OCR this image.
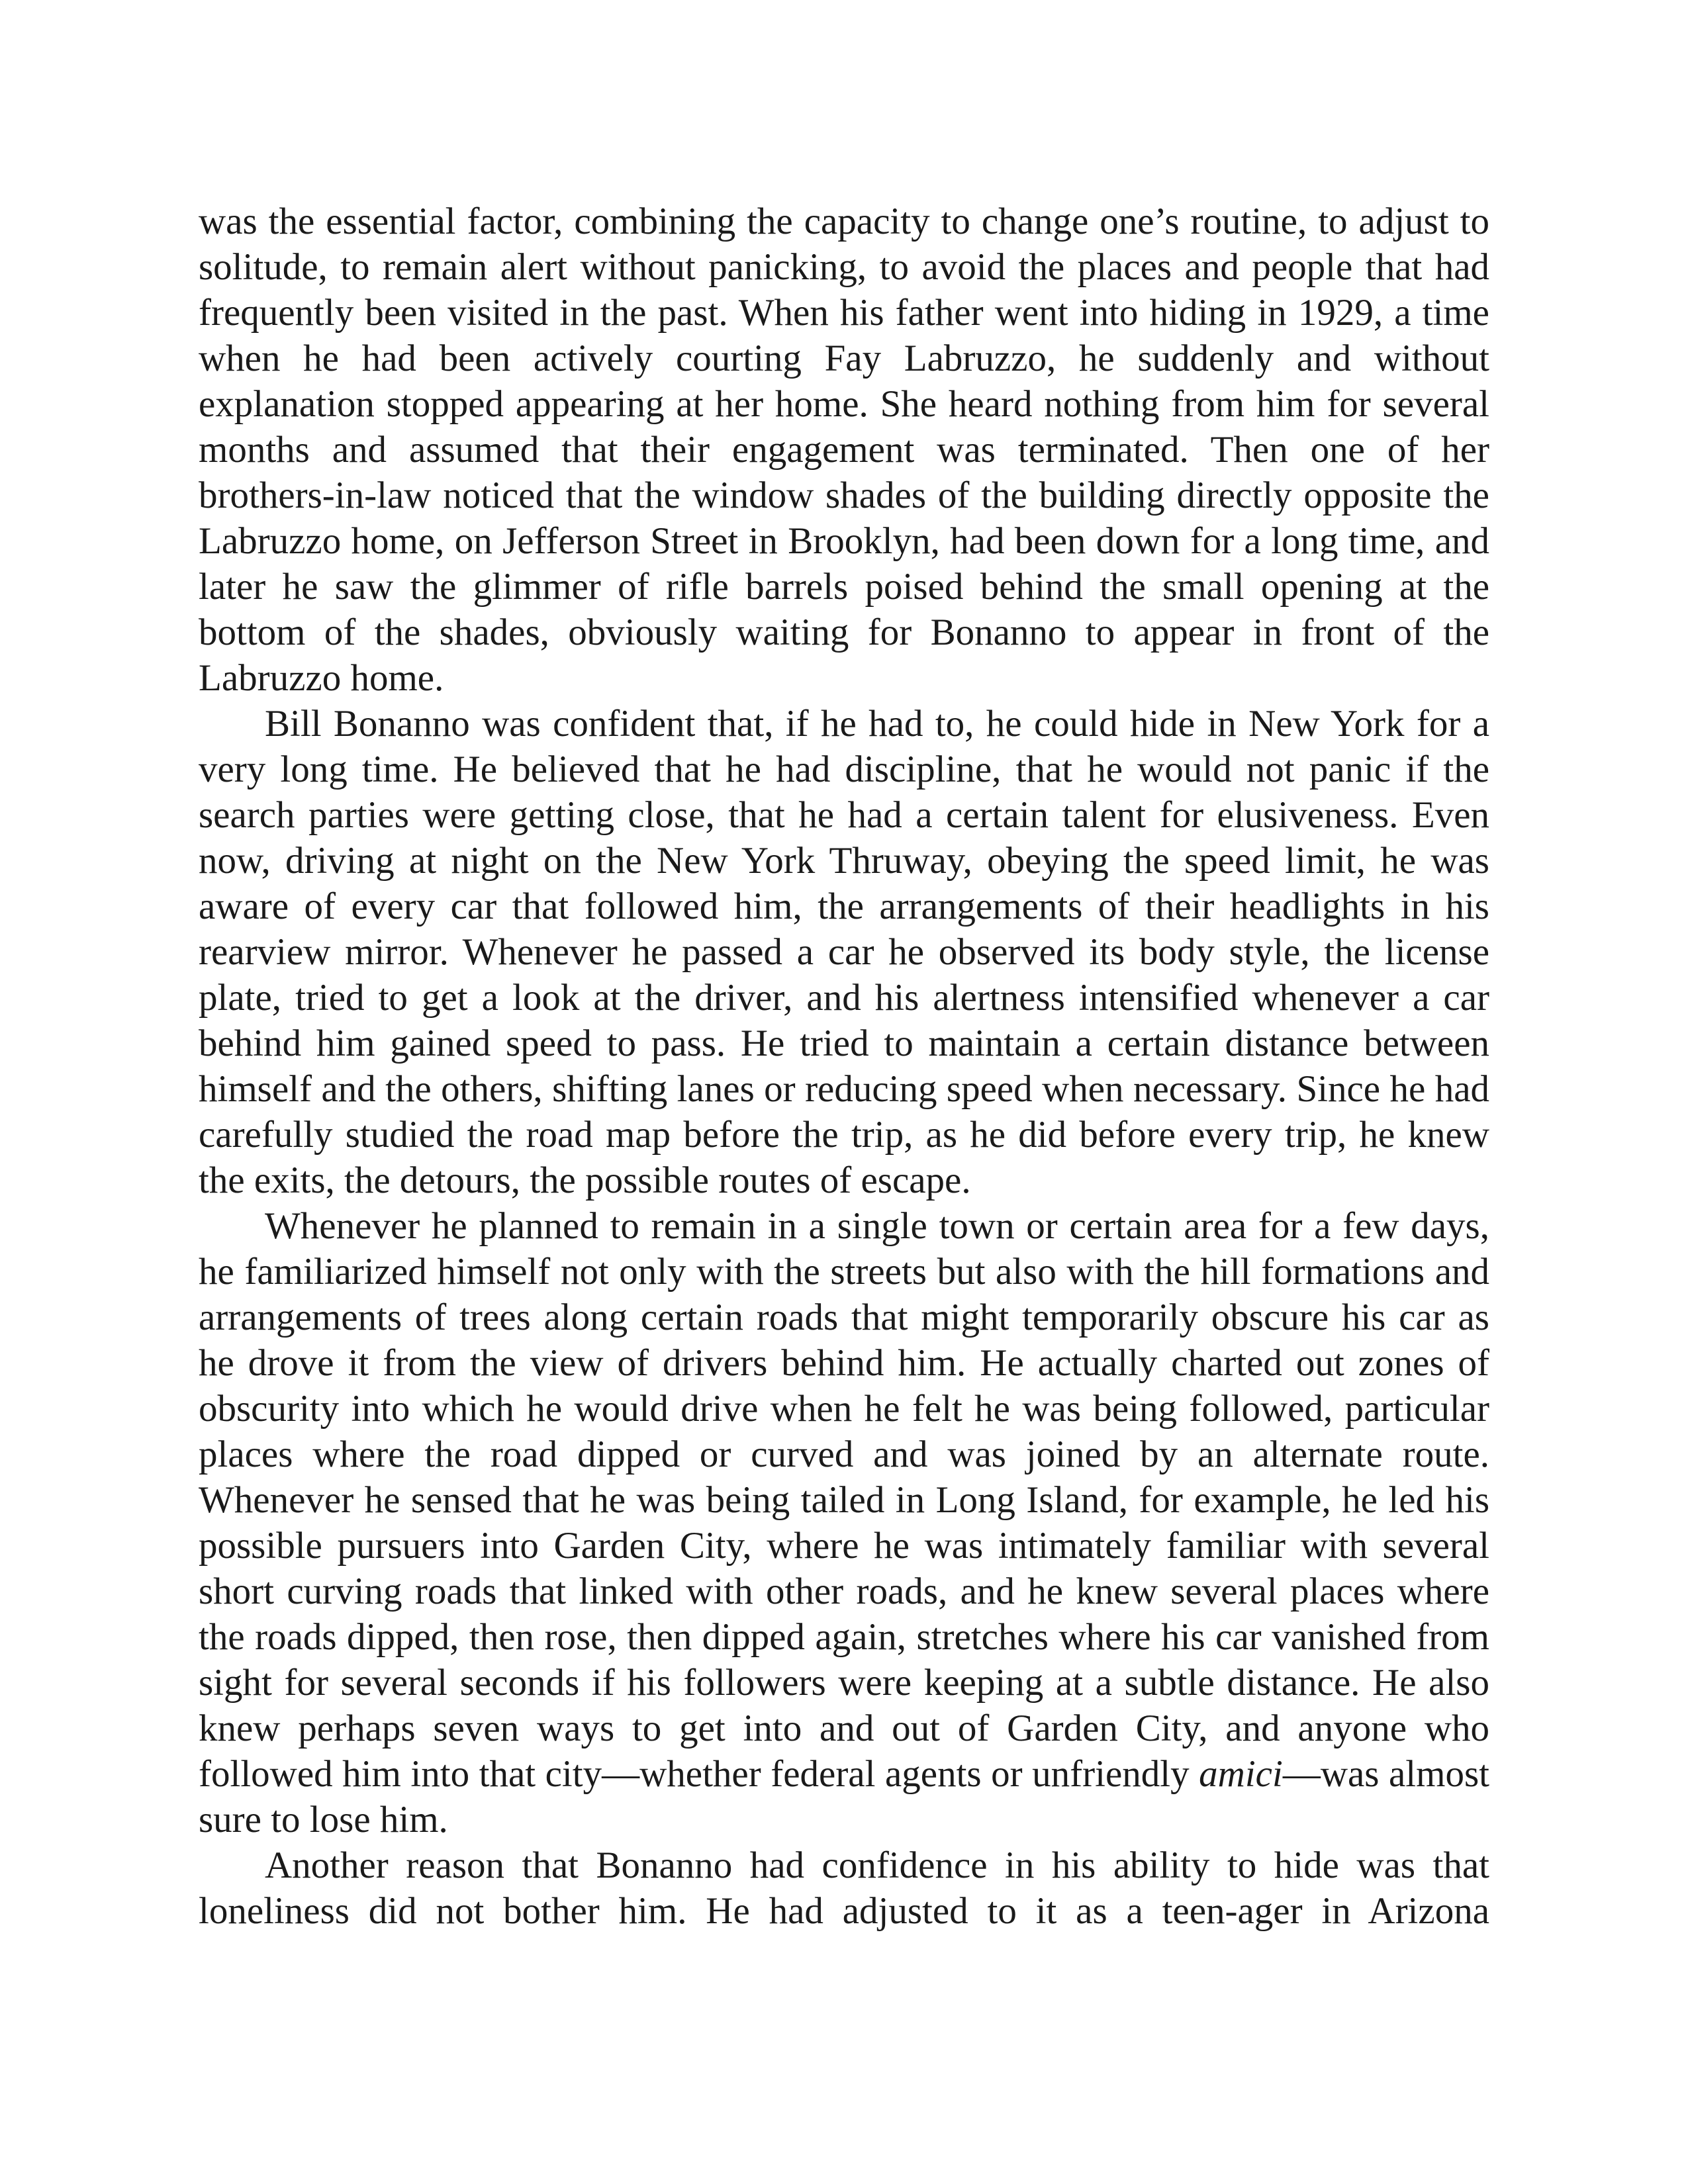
was the essential factor, combining the capacity to change one’s routine, to adjust to solitude, to remain alert without panicking, to avoid the places and people that had frequently been visited in the past. When his father went into hiding in 1929, a time when he had been actively courting Fay Labruzzo, he suddenly and without explanation stopped appearing at her home. She heard nothing from him for several months and assumed that their engagement was terminated. Then one of her brothers-in-law noticed that the window shades of the building directly opposite the Labruzzo home, on Jefferson Street in Brooklyn, had been down for a long time, and later he saw the glimmer of rifle barrels poised behind the small opening at the bottom of the shades, obviously waiting for Bonanno to appear in front of the Labruzzo home.

Bill Bonanno was confident that, if he had to, he could hide in New York for a very long time. He believed that he had discipline, that he would not panic if the search parties were getting close, that he had a certain talent for elusiveness. Even now, driving at night on the New York Thruway, obeying the speed limit, he was aware of every car that followed him, the arrangements of their headlights in his rearview mirror. Whenever he passed a car he observed its body style, the license plate, tried to get a look at the driver, and his alertness intensified whenever a car behind him gained speed to pass. He tried to maintain a certain distance between himself and the others, shifting lanes or reducing speed when necessary. Since he had carefully studied the road map before the trip, as he did before every trip, he knew the exits, the detours, the possible routes of escape.

Whenever he planned to remain in a single town or certain area for a few days, he familiarized himself not only with the streets but also with the hill formations and arrangements of trees along certain roads that might temporarily obscure his car as he drove it from the view of drivers behind him. He actually charted out zones of obscurity into which he would drive when he felt he was being followed, particular places where the road dipped or curved and was joined by an alternate route. Whenever he sensed that he was being tailed in Long Island, for example, he led his possible pursuers into Garden City, where he was intimately familiar with several short curving roads that linked with other roads, and he knew several places where the roads dipped, then rose, then dipped again, stretches where his car vanished from sight for several seconds if his followers were keeping at a subtle distance. He also knew perhaps seven ways to get into and out of Garden City, and anyone who followed him into that city—whether federal agents or unfriendly amici—was almost sure to lose him.

Another reason that Bonanno had confidence in his ability to hide was that loneliness did not bother him. He had adjusted to it as a teen-ager in Arizona
